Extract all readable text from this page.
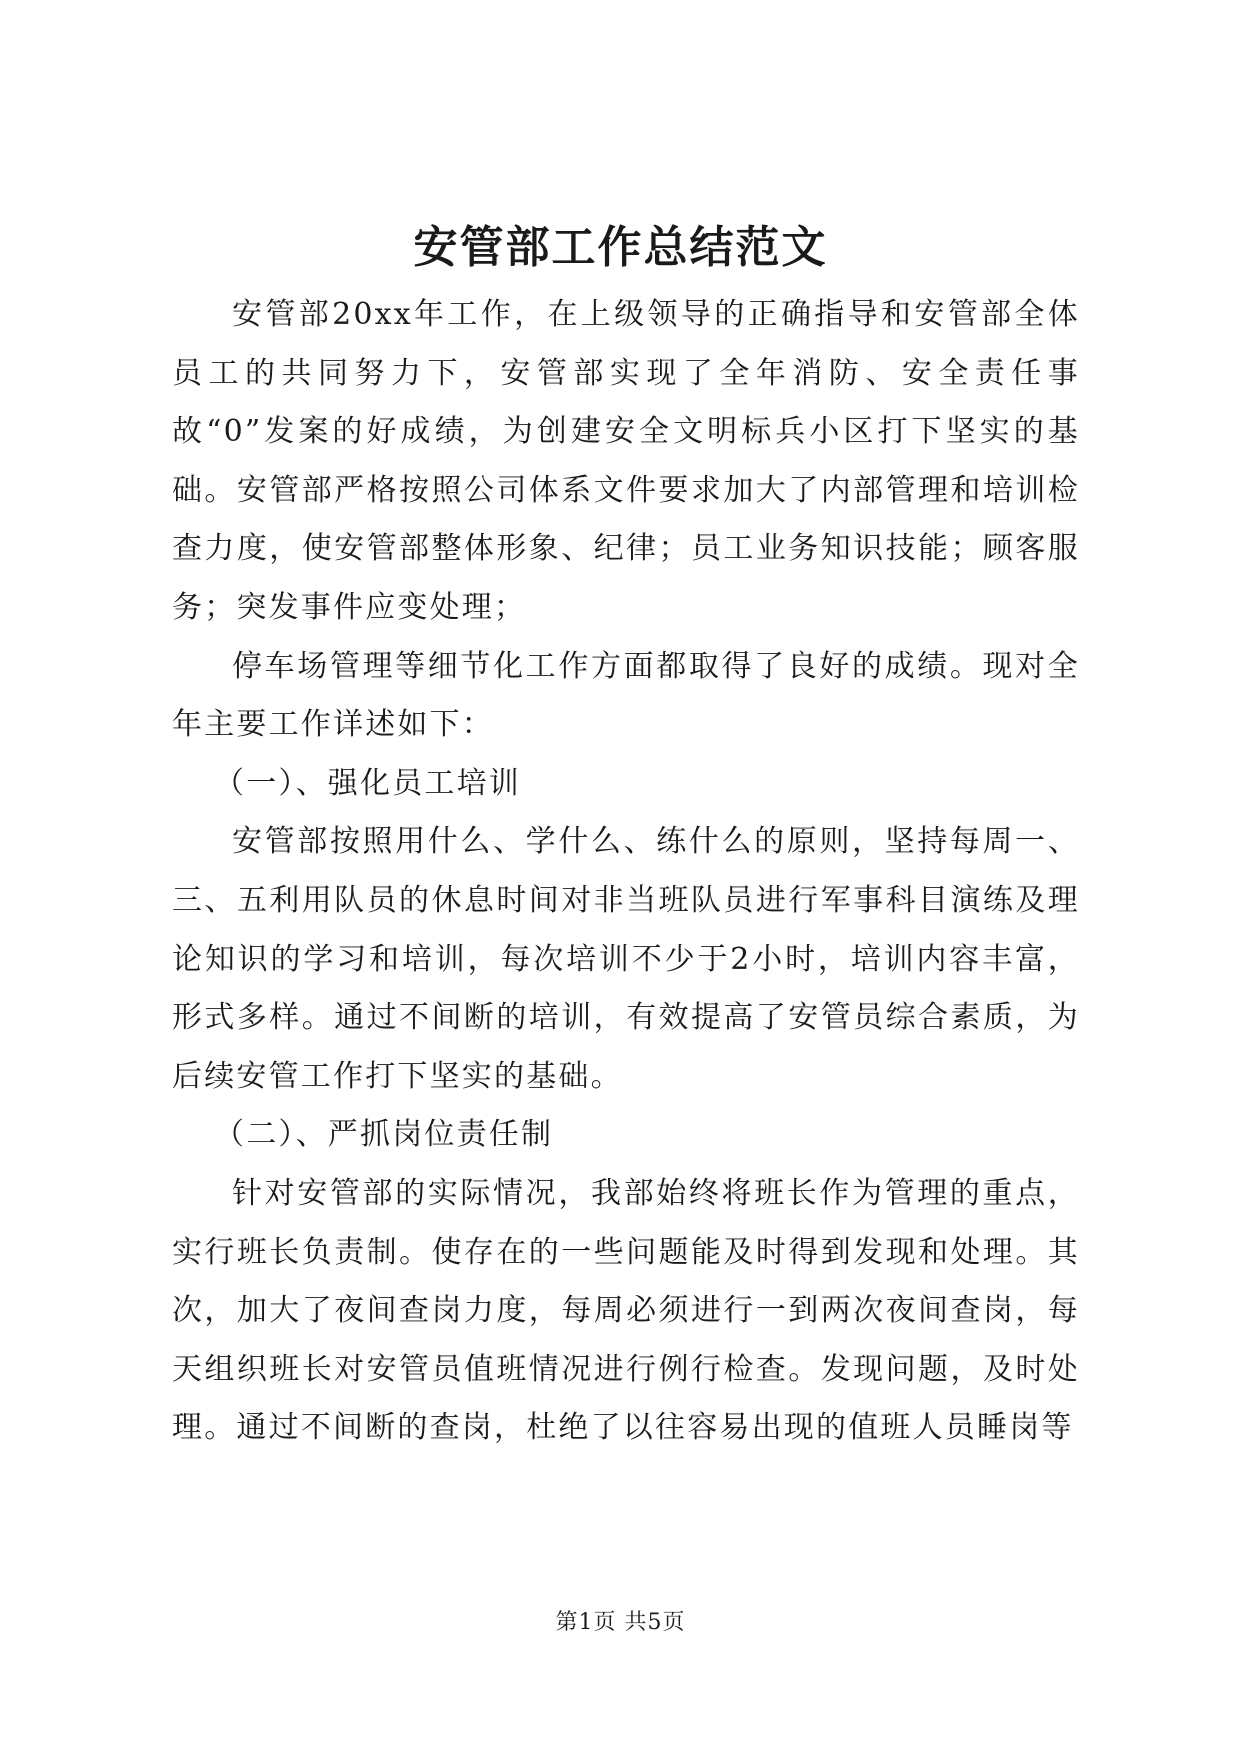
安管部工作总结范文

安管部20xx年工作，在上级领导的正确指导和安管部全体员工的共同努力下，安管部实现了全年消防、安全责任事故“0”发案的好成绩，为创建安全文明标兵小区打下坚实的基础。安管部严格按照公司体系文件要求加大了内部管理和培训检查力度，使安管部整体形象、纪律；员工业务知识技能；顾客服务；突发事件应变处理；

停车场管理等细节化工作方面都取得了良好的成绩。现对全年主要工作详述如下：

（一）、强化员工培训

安管部按照用什么、学什么、练什么的原则，坚持每周一、三、五利用队员的休息时间对非当班队员进行军事科目演练及理论知识的学习和培训，每次培训不少于2小时，培训内容丰富，形式多样。通过不间断的培训，有效提高了安管员综合素质，为后续安管工作打下坚实的基础。

（二）、严抓岗位责任制

针对安管部的实际情况，我部始终将班长作为管理的重点，实行班长负责制。使存在的一些问题能及时得到发现和处理。其次，加大了夜间查岗力度，每周必须进行一到两次夜间查岗，每天组织班长对安管员值班情况进行例行检查。发现问题，及时处理。通过不间断的查岗，杜绝了以往容易出现的值班人员睡岗等

第1页 共5页
